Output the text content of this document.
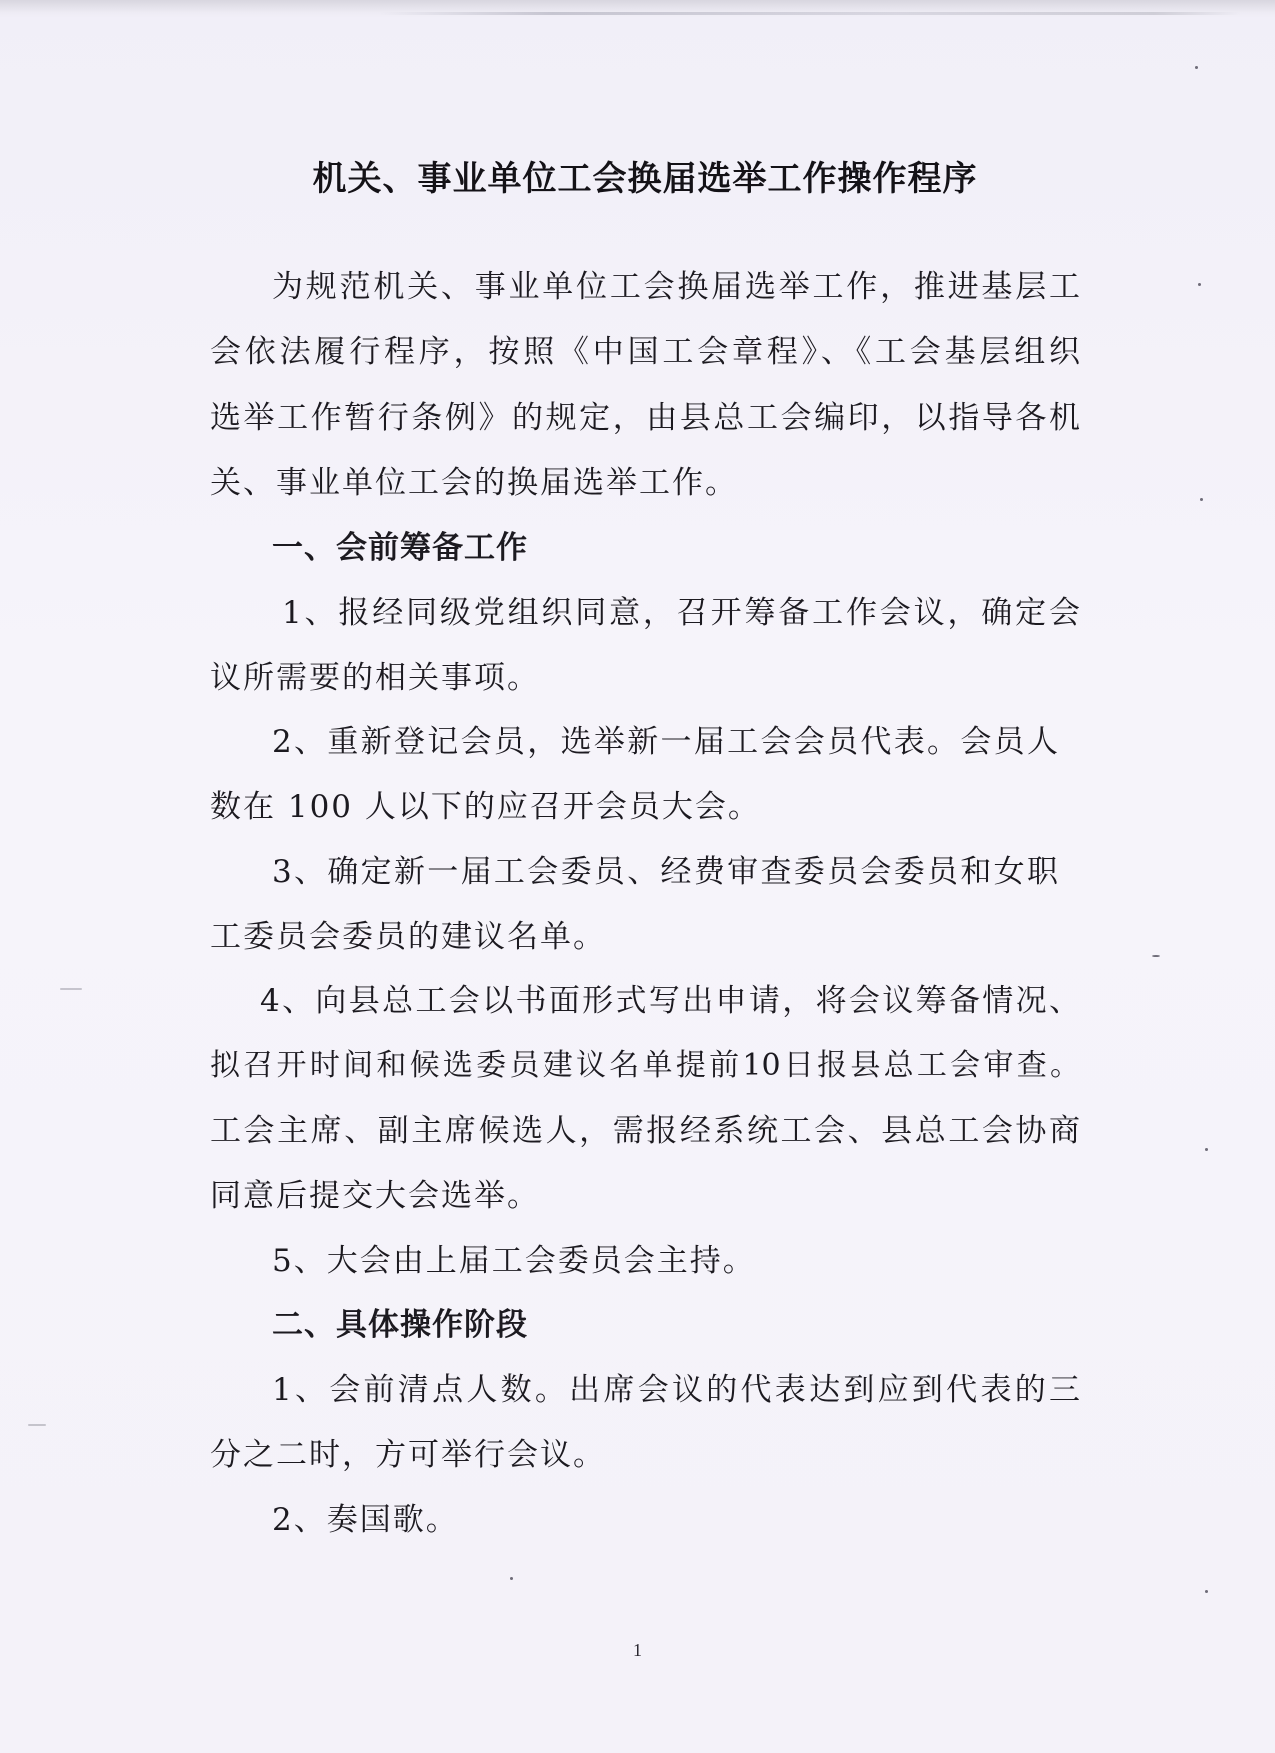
机关、事业单位工会换届选举工作操作程序
为规范机关、事业单位工会换届选举工作，推进基层工
会依法履行程序，按照《中国工会章程》、《工会基层组织
选举工作暂行条例》的规定，由县总工会编印，以指导各机
关、事业单位工会的换届选举工作。
一、会前筹备工作
1、报经同级党组织同意，召开筹备工作会议，确定会
议所需要的相关事项。
2、重新登记会员，选举新一届工会会员代表。会员人
数在 100 人以下的应召开会员大会。
3、确定新一届工会委员、经费审查委员会委员和女职
工委员会委员的建议名单。
4、向县总工会以书面形式写出申请，将会议筹备情况、
拟召开时间和候选委员建议名单提前10日报县总工会审查。
工会主席、副主席候选人，需报经系统工会、县总工会协商
同意后提交大会选举。
5、大会由上届工会委员会主持。
二、具体操作阶段
1、会前清点人数。出席会议的代表达到应到代表的三
分之二时，方可举行会议。
2、奏国歌。
1
